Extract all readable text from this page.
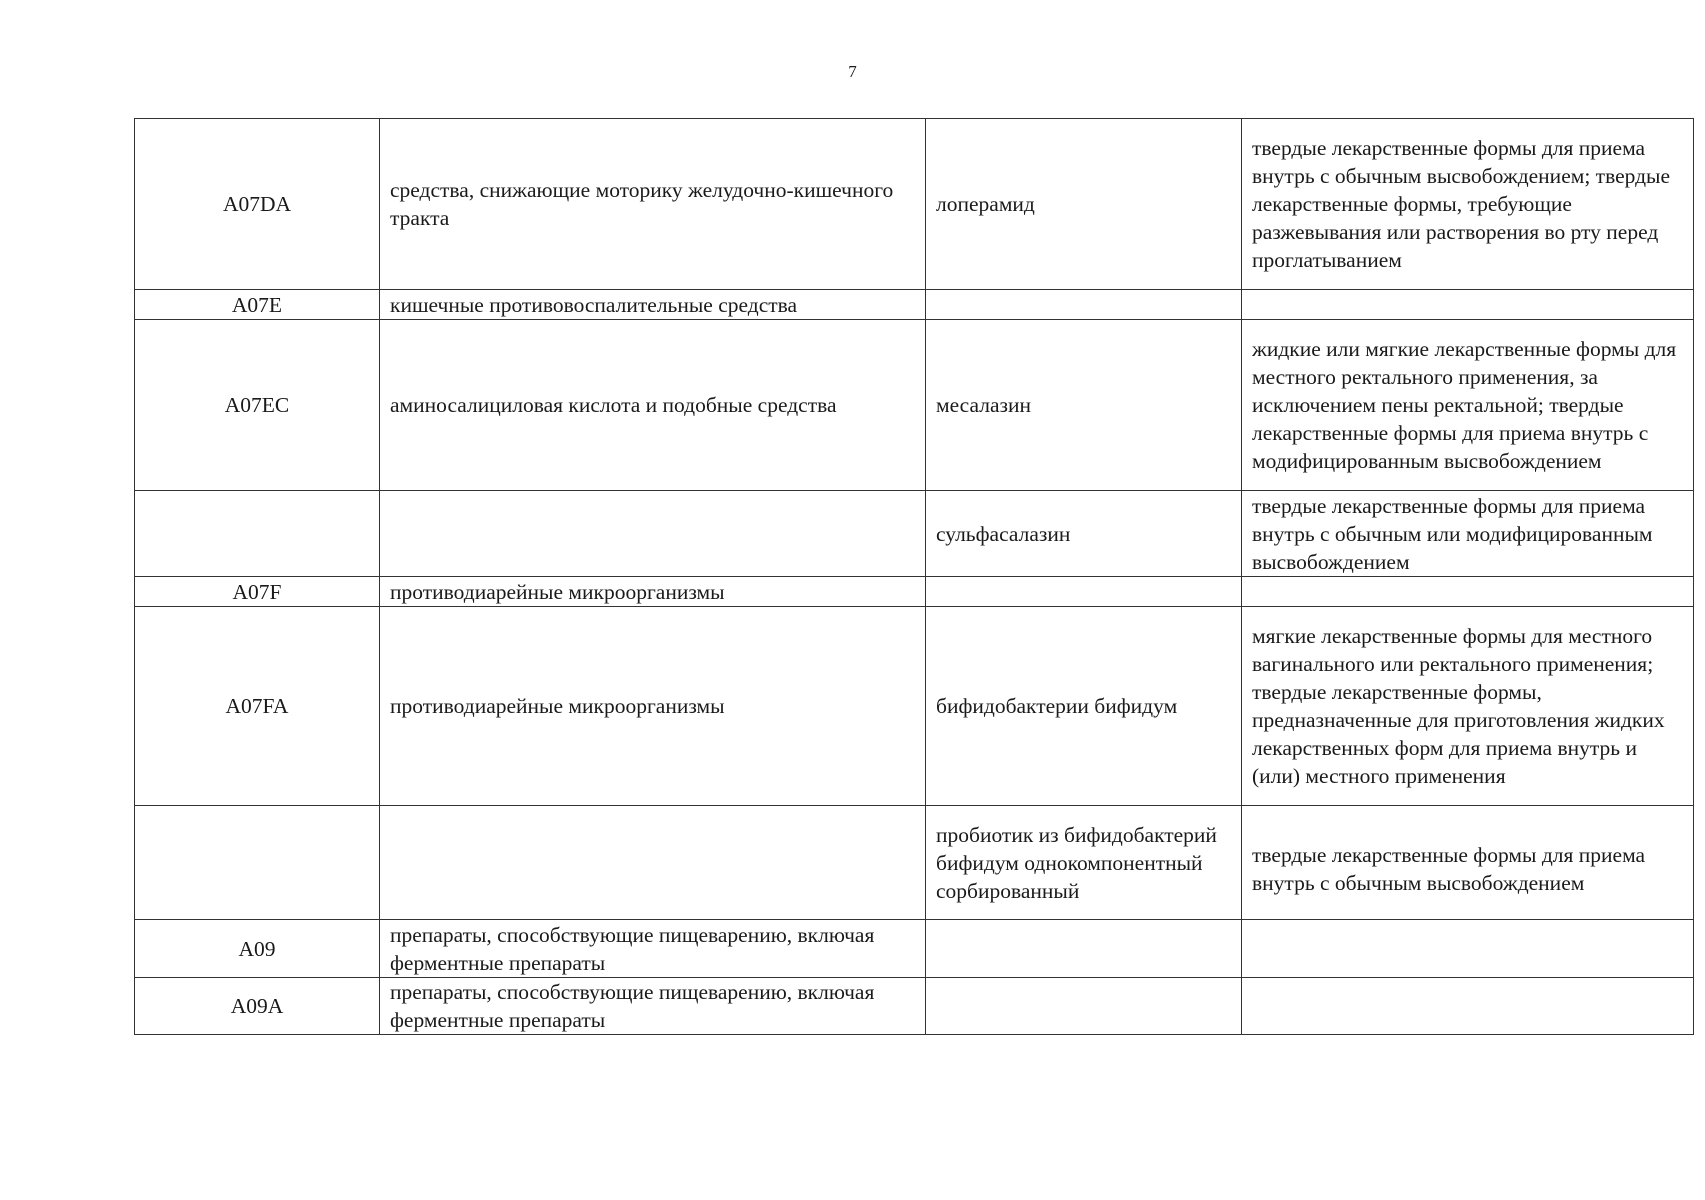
7
A07DA	средства, снижающие моторику желудочно-кишечного тракта	лоперамид	твердые лекарственные формы для приема внутрь с обычным высвобождением; твердые лекарственные формы, требующие разжевывания или растворения во рту перед проглатыванием
A07E	кишечные противовоспалительные средства		
A07EC	аминосалициловая кислота и подобные средства	месалазин	жидкие или мягкие лекарственные формы для местного ректального применения, за исключением пены ректальной; твердые лекарственные формы для приема внутрь с модифицированным высвобождением
		сульфасалазин	твердые лекарственные формы для приема внутрь с обычным или модифицированным высвобождением
A07F	противодиарейные микроорганизмы		
A07FA	противодиарейные микроорганизмы	бифидобактерии бифидум	мягкие лекарственные формы для местного вагинального или ректального применения; твердые лекарственные формы, предназначенные для приготовления жидких лекарственных форм для приема внутрь и (или) местного применения
		пробиотик из бифидобактерий бифидум однокомпонентный сорбированный	твердые лекарственные формы для приема внутрь с обычным высвобождением
A09	препараты, способствующие пищеварению, включая ферментные препараты		
A09A	препараты, способствующие пищеварению, включая ферментные препараты		
